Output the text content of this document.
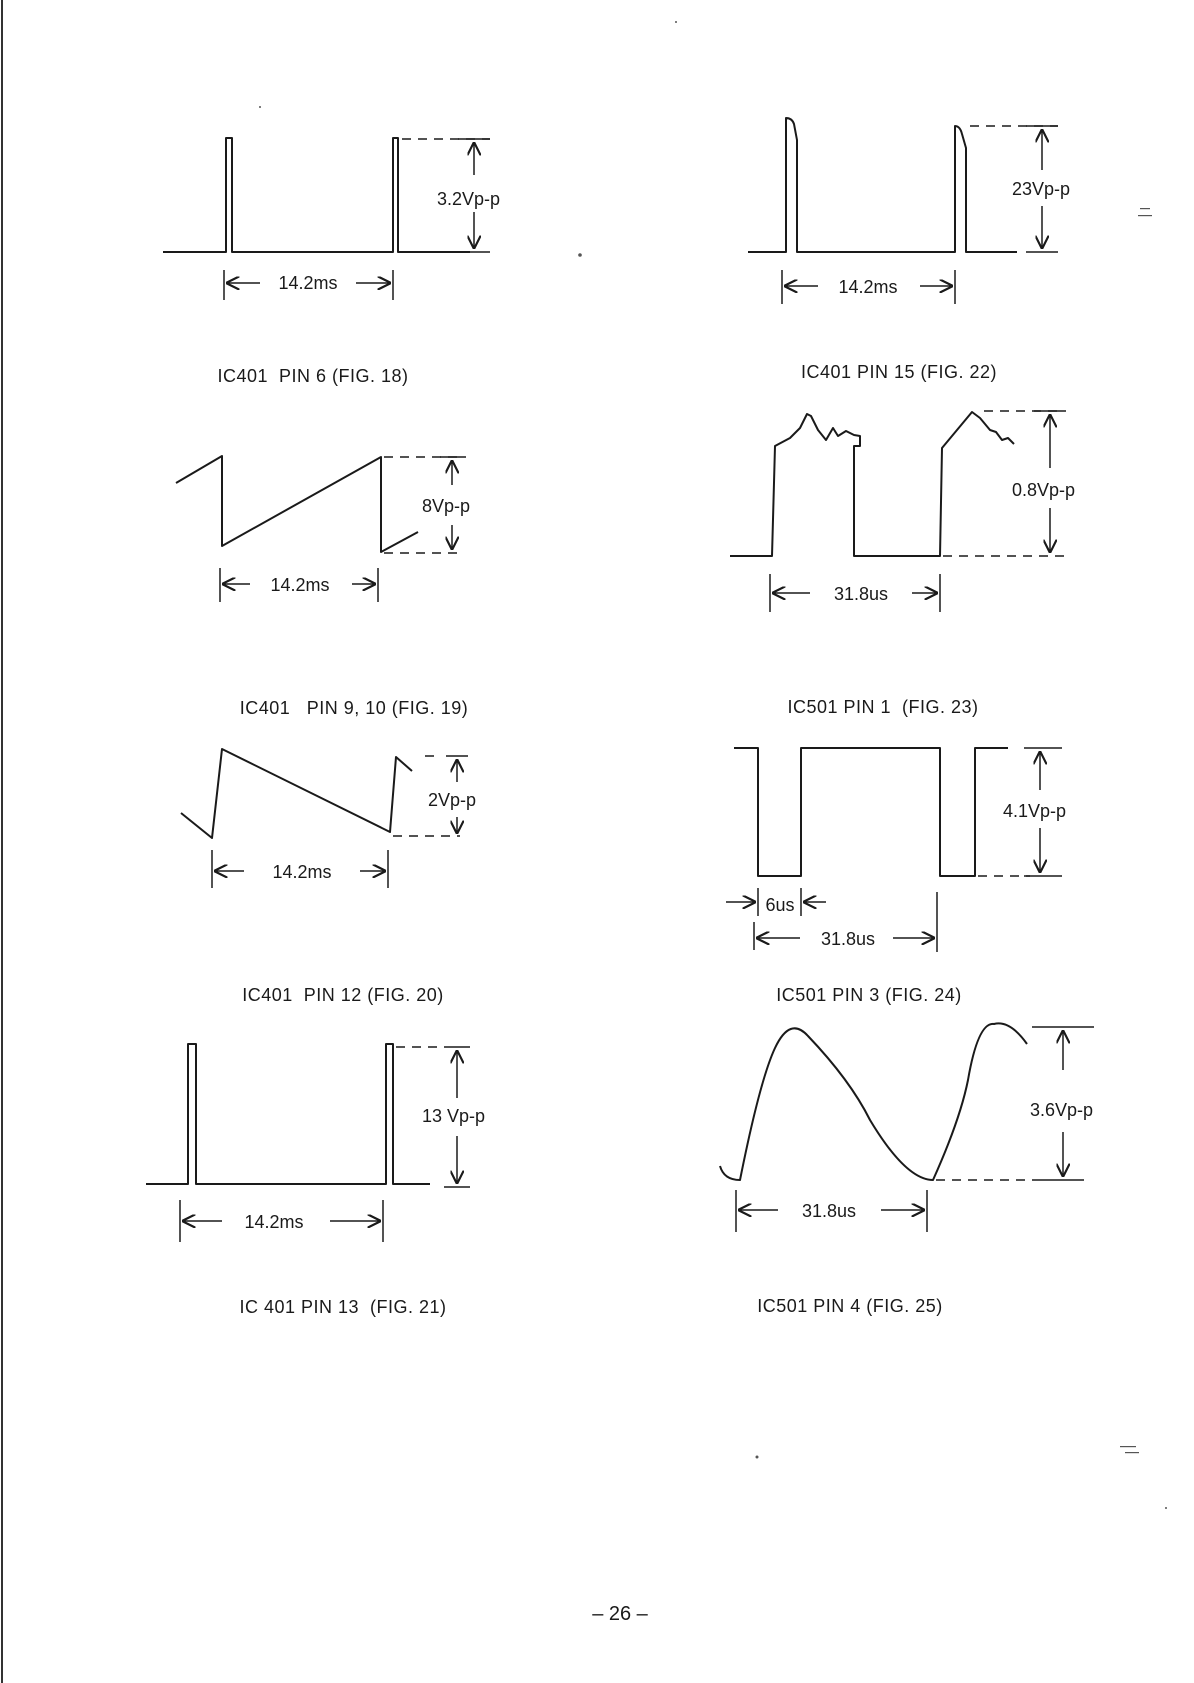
3.2Vp-p
14.2ms
IC401  PIN 6 (FIG. 18)
8Vp-p
14.2ms
IC401   PIN 9, 10 (FIG. 19)
2Vp-p
14.2ms
IC401  PIN 12 (FIG. 20)
13 Vp-p
14.2ms
IC 401 PIN 13  (FIG. 21)
23Vp-p
14.2ms
IC401 PIN 15 (FIG. 22)
0.8Vp-p
31.8us
IC501 PIN 1  (FIG. 23)
4.1Vp-p
6us
31.8us
IC501 PIN 3 (FIG. 24)
3.6Vp-p
31.8us
IC501 PIN 4 (FIG. 25)
– 26 –
